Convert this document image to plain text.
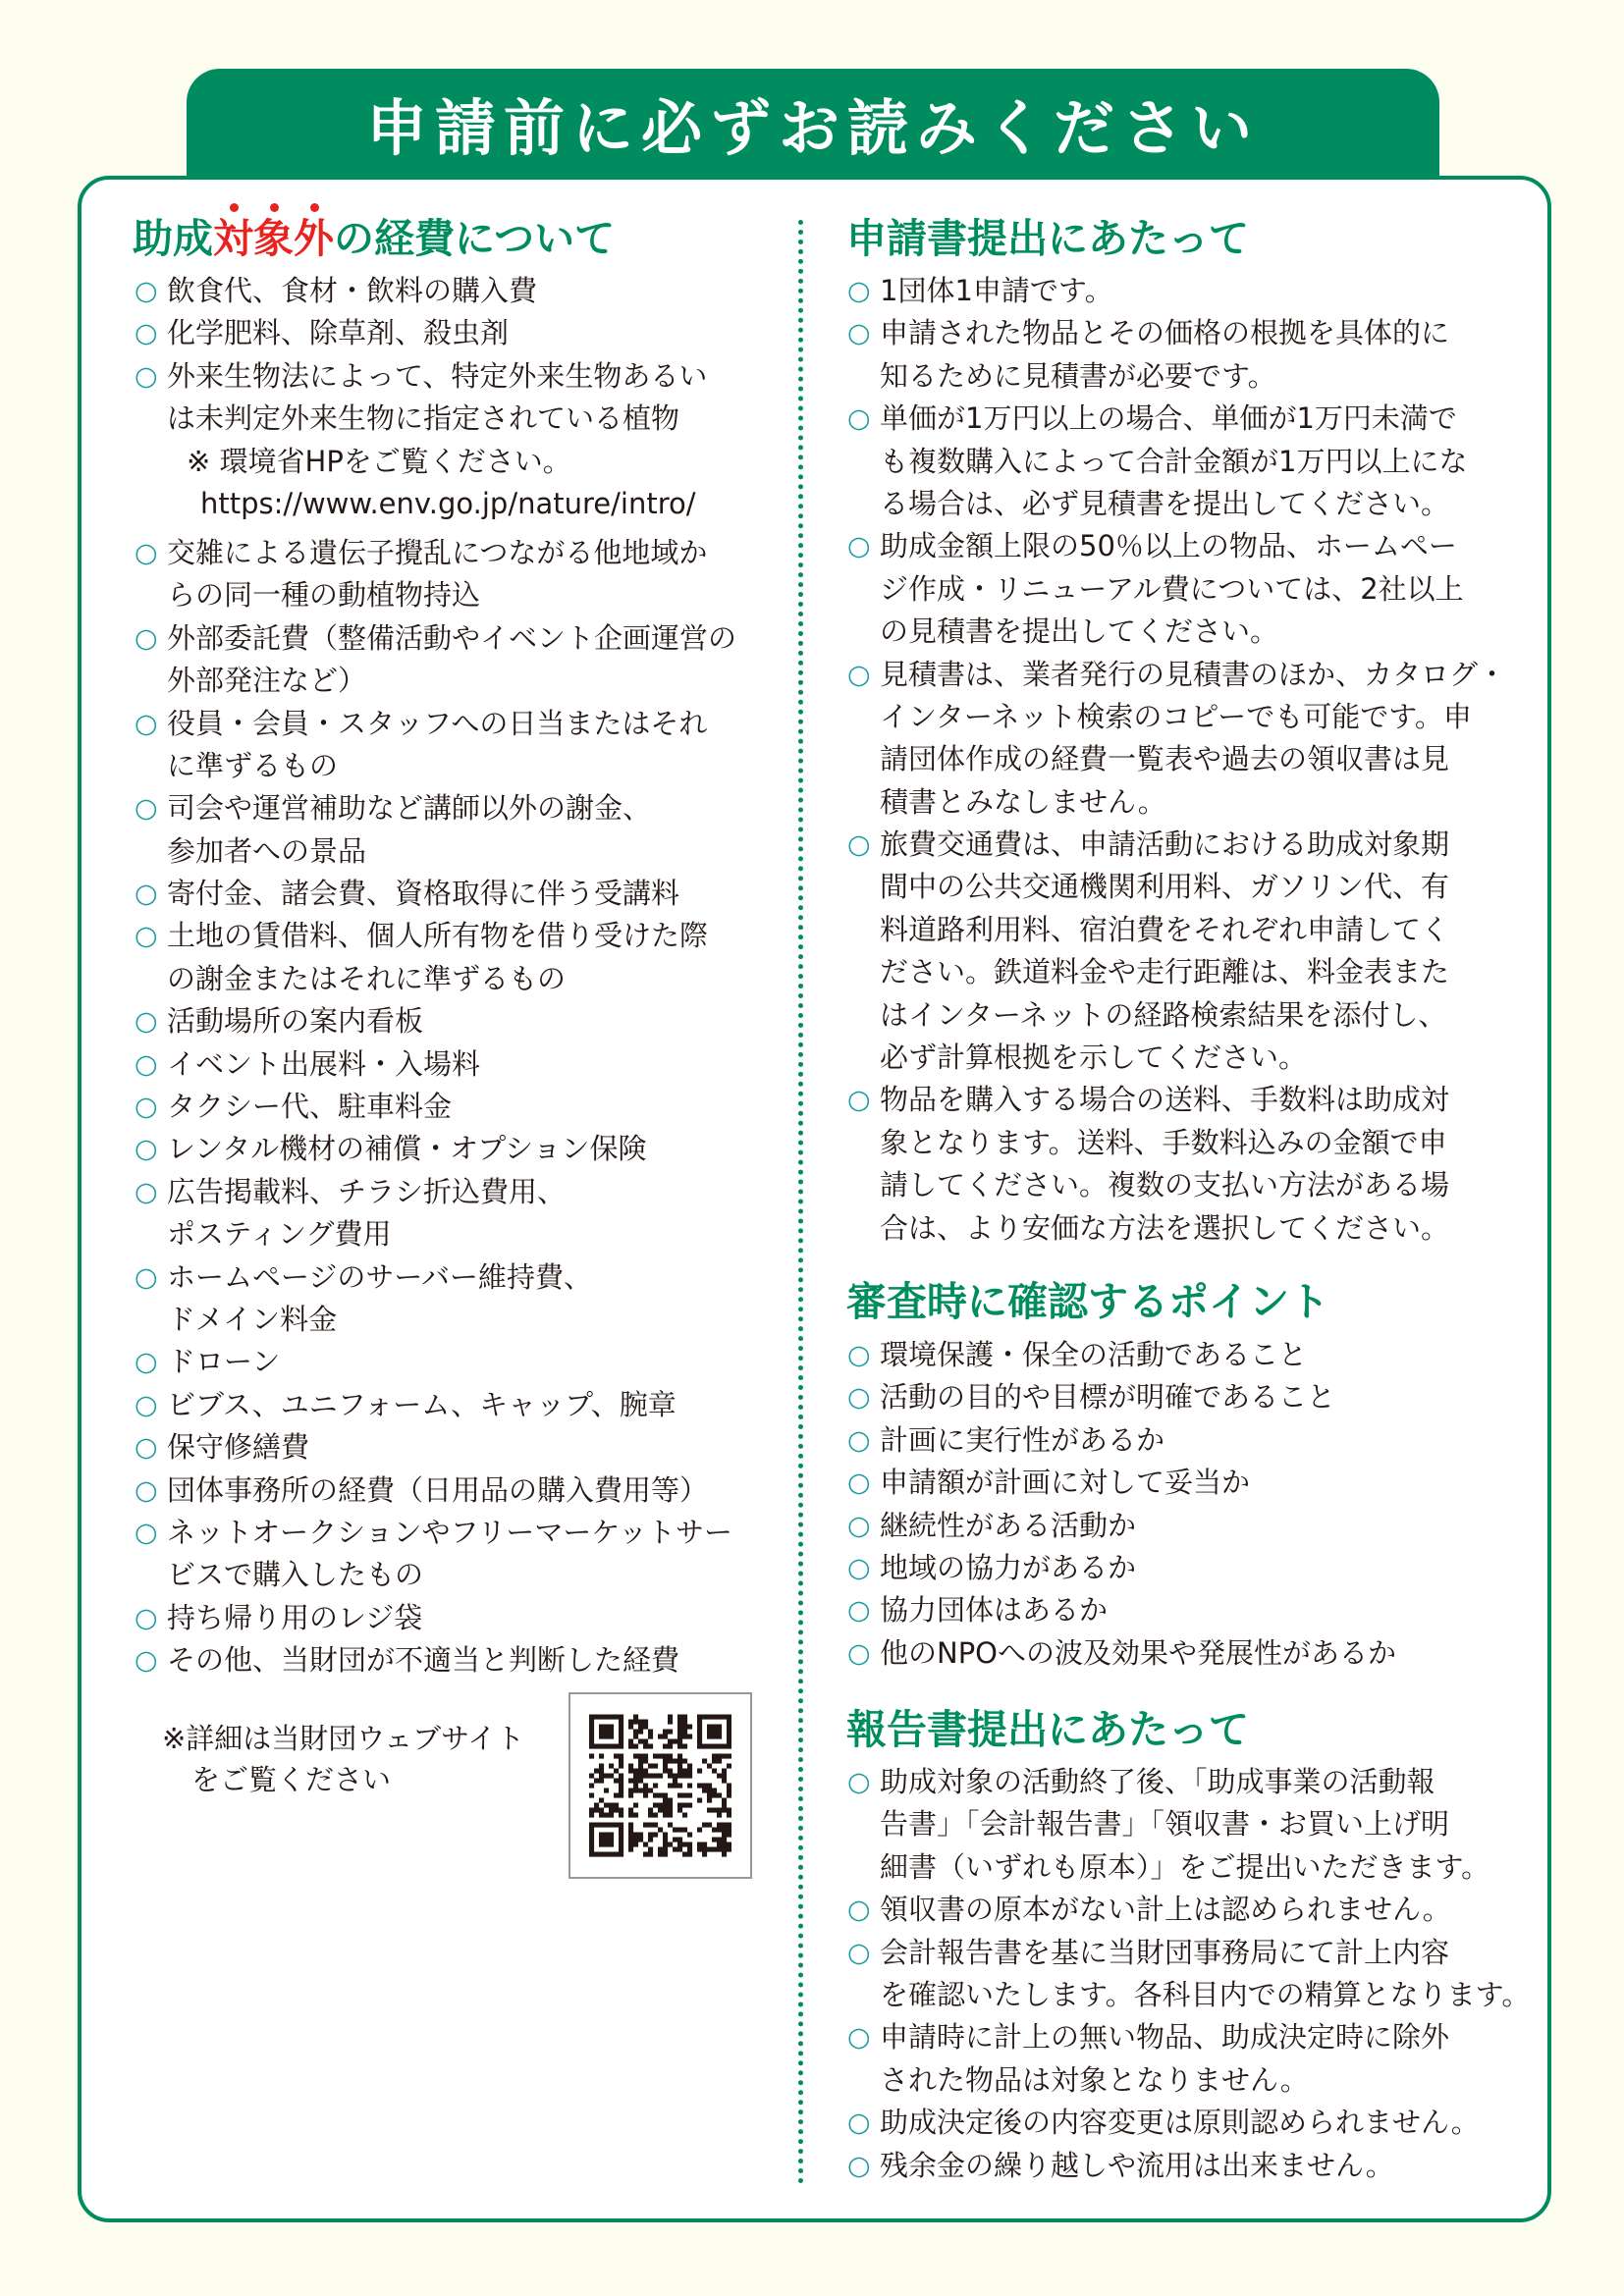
申請前に必ずお読みください
助成
対
象
外の経費について
○ 飲食代、食材・飲料の購入費
○ 化学肥料、除草剤、殺虫剤
○ 外来生物法によって、特定外来生物あるい
は未判定外来生物に指定されている植物
※ 環境省HPをご覧ください。
https://www.env.go.jp/nature/intro/
○ 交雑による遺伝子攪乱につながる他地域か
らの同一種の動植物持込
○ 外部委託費（整備活動やイベント企画運営の
外部発注など）
○ 役員・会員・スタッフへの日当またはそれ
に準ずるもの
○ 司会や運営補助など講師以外の謝金、
参加者への景品
○ 寄付金、諸会費、資格取得に伴う受講料
○ 土地の賃借料、個人所有物を借り受けた際
の謝金またはそれに準ずるもの
○ 活動場所の案内看板
○ イベント出展料・入場料
○ タクシー代、駐車料金
○ レンタル機材の補償・オプション保険
○ 広告掲載料、チラシ折込費用、
ポスティング費用
○ ホームページのサーバー維持費、
ドメイン料金
○ ドローン
○ ビブス、ユニフォーム、キャップ、腕章
○ 保守修繕費
○ 団体事務所の経費（日用品の購入費用等）
○ ネットオークションやフリーマーケットサー
ビスで購入したもの
○ 持ち帰り用のレジ袋
○ その他、当財団が不適当と判断した経費
※詳細は当財団ウェブサイト
をご覧ください
申請書提出にあたって
○ 1団体1申請です。
○ 申請された物品とその価格の根拠を具体的に
知るために見積書が必要です。
○ 単価が1万円以上の場合、単価が1万円未満で
も複数購入によって合計金額が1万円以上にな
る場合は、必ず見積書を提出してください。
○ 助成金額上限の50％以上の物品、ホームペー
ジ作成・リニューアル費については、2社以上
の見積書を提出してください。
○ 見積書は、業者発行の見積書のほか、カタログ・
インターネット検索のコピーでも可能です。申
請団体作成の経費一覧表や過去の領収書は見
積書とみなしません。
○ 旅費交通費は、申請活動における助成対象期
間中の公共交通機関利用料、ガソリン代、有
料道路利用料、宿泊費をそれぞれ申請してく
ださい。鉄道料金や走行距離は、料金表また
はインターネットの経路検索結果を添付し、
必ず計算根拠を示してください。
○ 物品を購入する場合の送料、手数料は助成対
象となります。送料、手数料込みの金額で申
請してください。複数の支払い方法がある場
合は、より安価な方法を選択してください。
審査時に確認するポイント
○ 環境保護・保全の活動であること
○ 活動の目的や目標が明確であること
○ 計画に実行性があるか
○ 申請額が計画に対して妥当か
○ 継続性がある活動か
○ 地域の協力があるか
○ 協力団体はあるか
○ 他のNPOへの波及効果や発展性があるか
報告書提出にあたって
○ 助成対象の活動終了後、「助成事業の活動報
告書」「会計報告書」「領収書・お買い上げ明
細書（いずれも原本）」をご提出いただきます。
○ 領収書の原本がない計上は認められません。
○ 会計報告書を基に当財団事務局にて計上内容
を確認いたします。各科目内での精算となります。
○ 申請時に計上の無い物品、助成決定時に除外
された物品は対象となりません。
○ 助成決定後の内容変更は原則認められません。
○ 残余金の繰り越しや流用は出来ません。
